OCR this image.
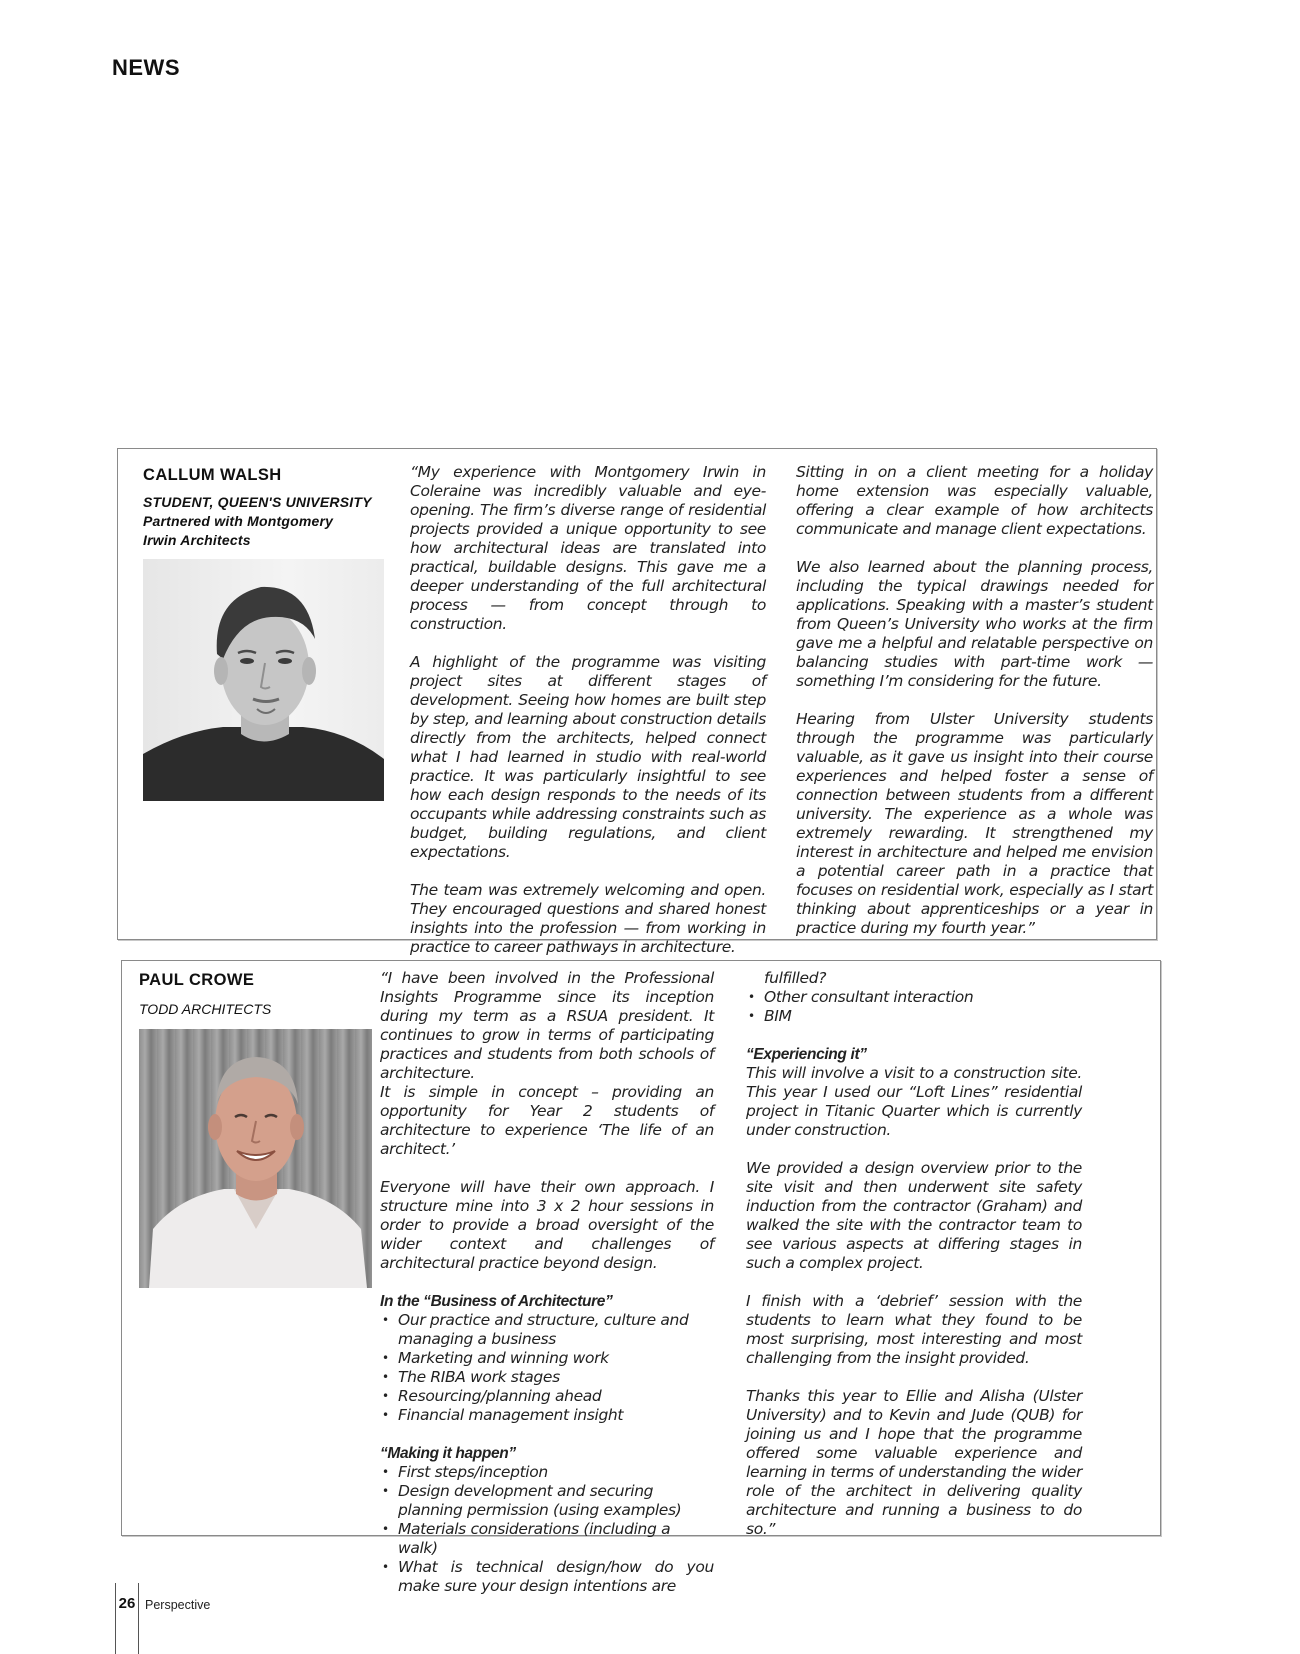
NEWS
CALLUM WALSH
STUDENT, QUEEN'S UNIVERSITY
Partnered with Montgomery Irwin Architects

“My experience with Montgomery Irwin in Coleraine was incredibly valuable and eye-opening. The firm’s diverse range of residential projects provided a unique opportunity to see how architectural ideas are translated into practical, buildable designs. This gave me a deeper understanding of the full architectural process — from concept through to construction.

A highlight of the programme was visiting project sites at different stages of development. Seeing how homes are built step by step, and learning about construction details directly from the architects, helped connect what I had learned in studio with real-world practice. It was particularly insightful to see how each design responds to the needs of its occupants while addressing constraints such as budget, building regulations, and client expectations.

The team was extremely welcoming and open. They encouraged questions and shared honest insights into the profession — from working in practice to career pathways in architecture.

Sitting in on a client meeting for a holiday home extension was especially valuable, offering a clear example of how architects communicate and manage client expectations.

We also learned about the planning process, including the typical drawings needed for applications. Speaking with a master’s student from Queen’s University who works at the firm gave me a helpful and relatable perspective on balancing studies with part-time work — something I’m considering for the future.

Hearing from Ulster University students through the programme was particularly valuable, as it gave us insight into their course experiences and helped foster a sense of connection between students from a different university. The experience as a whole was extremely rewarding. It strengthened my interest in architecture and helped me envision a potential career path in a practice that focuses on residential work, especially as I start thinking about apprenticeships or a year in practice during my fourth year.”

PAUL CROWE
TODD ARCHITECTS

“I have been involved in the Professional Insights Programme since its inception during my term as a RSUA president. It continues to grow in terms of participating practices and students from both schools of architecture.

It is simple in concept – providing an opportunity for Year 2 students of architecture to experience ‘The life of an architect.’

Everyone will have their own approach. I structure mine into 3 x 2 hour sessions in order to provide a broad oversight of the wider context and challenges of architectural practice beyond design.

In the “Business of Architecture”
• Our practice and structure, culture and managing a business
• Marketing and winning work
• The RIBA work stages
• Resourcing/planning ahead
• Financial management insight
“Making it happen”
• First steps/inception
• Design development and securing planning permission (using examples)
• Materials considerations (including a walk)
• What is technical design/how do you make sure your design intentions are
fulfilled?
• Other consultant interaction
• BIM
“Experiencing it”

This will involve a visit to a construction site. This year I used our “Loft Lines” residential project in Titanic Quarter which is currently under construction.

We provided a design overview prior to the site visit and then underwent site safety induction from the contractor (Graham) and walked the site with the contractor team to see various aspects at differing stages in such a complex project.

I finish with a ‘debrief’ session with the students to learn what they found to be most surprising, most interesting and most challenging from the insight provided.

Thanks this year to Ellie and Alisha (Ulster University) and to Kevin and Jude (QUB) for joining us and I hope that the programme offered some valuable experience and learning in terms of understanding the wider role of the architect in delivering quality architecture and running a business to do so.”

26 Perspective
